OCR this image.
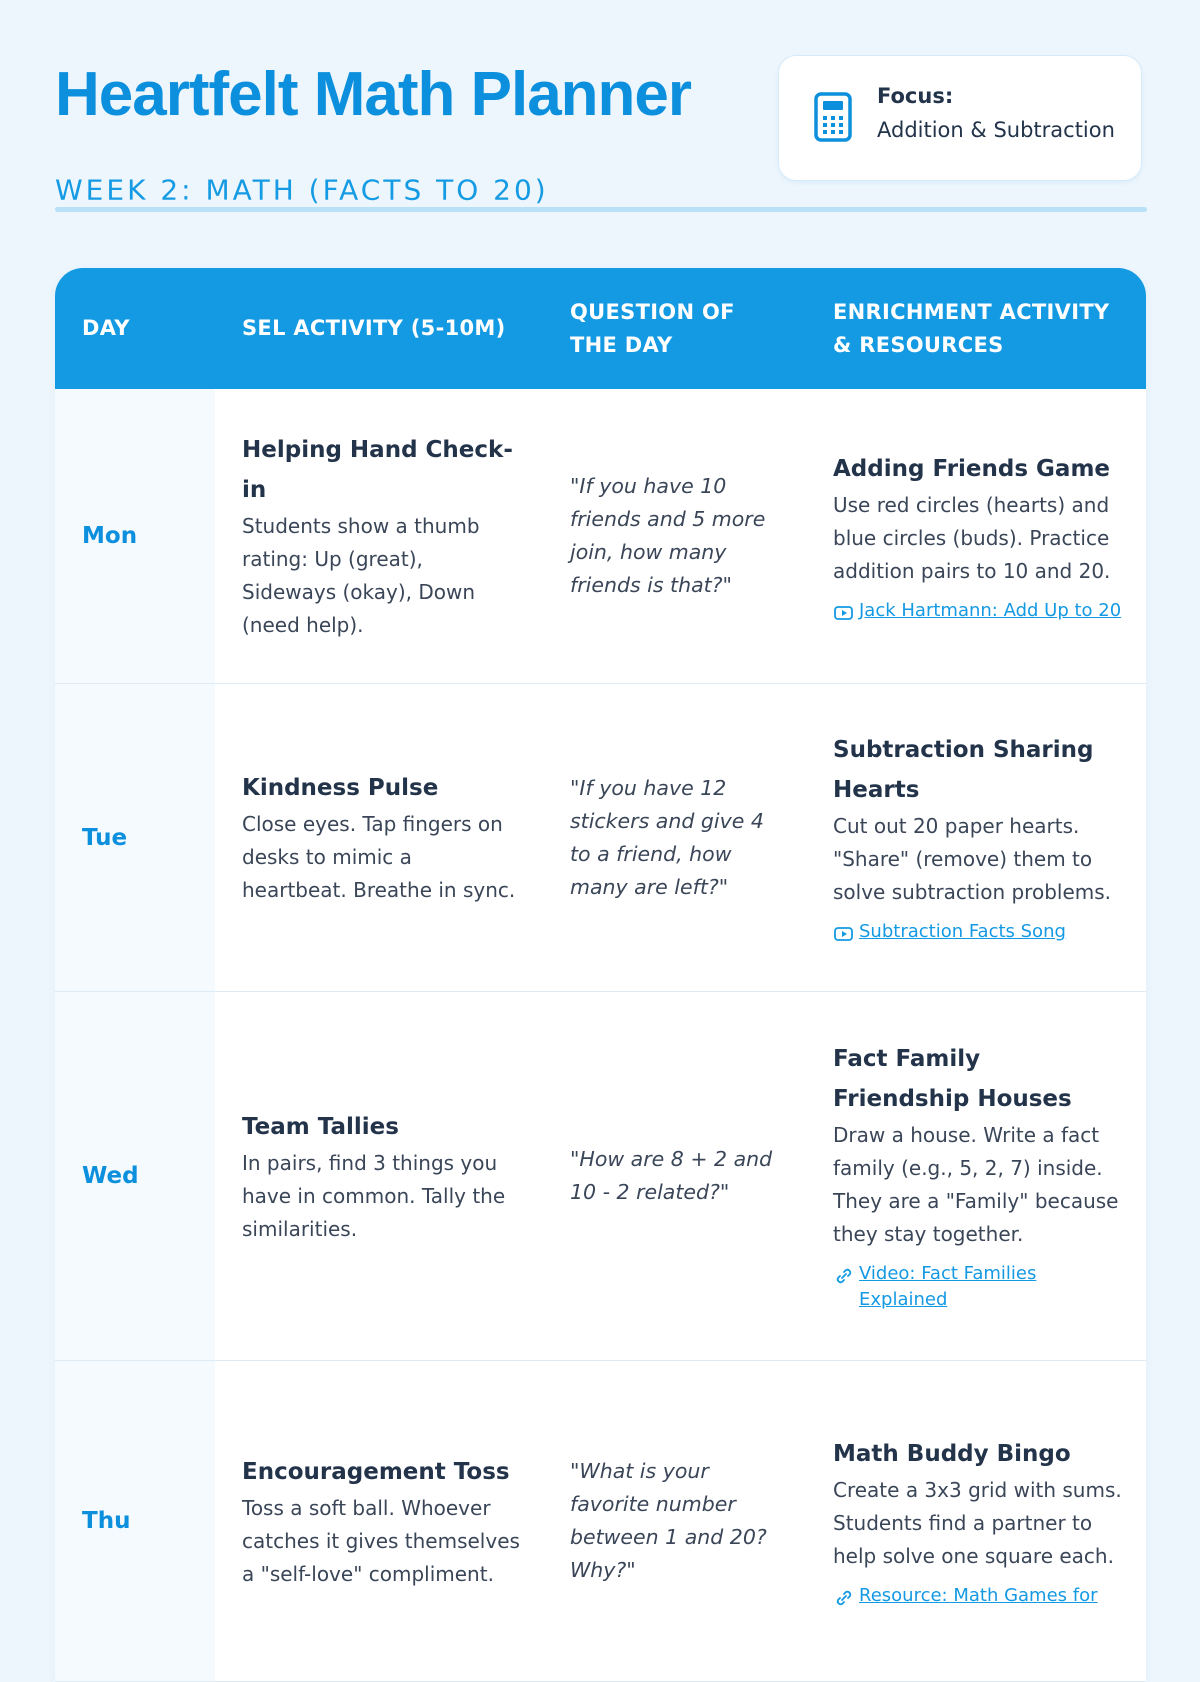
Heartfelt Math Planner
WEEK 2: MATH (FACTS TO 20)
Focus:
Addition & Subtraction
DAY	SEL ACTIVITY (5-10M)
QUESTION OF THE DAY
ENRICHMENT ACTIVITY & RESOURCES
Mon
Helping Hand Check-in
Students show a thumb rating: Up (great), Sideways (okay), Down (need help).
"If you have 10 friends and 5 more join, how many friends is that?"
Adding Friends Game
Use red circles (hearts) and blue circles (buds). Practice addition pairs to 10 and 20.
Jack Hartmann: Add Up to 20
Tue
Kindness Pulse
Close eyes. Tap fingers on desks to mimic a heartbeat. Breathe in sync.
"If you have 12 stickers and give 4 to a friend, how many are left?"
Subtraction Sharing Hearts
Cut out 20 paper hearts. "Share" (remove) them to solve subtraction problems.
Subtraction Facts Song
Wed
Team Tallies
In pairs, find 3 things you have in common. Tally the similarities.
"How are 8 + 2 and 10 - 2 related?"
Fact Family Friendship Houses
Draw a house. Write a fact family (e.g., 5, 2, 7) inside. They are a "Family" because they stay together.
Video: Fact Families Explained
Thu
Encouragement Toss
Toss a soft ball. Whoever catches it gives themselves a "self-love" compliment.
"What is your favorite number between 1 and 20? Why?"
Math Buddy Bingo
Create a 3x3 grid with sums. Students find a partner to help solve one square each.
Resource: Math Games for
